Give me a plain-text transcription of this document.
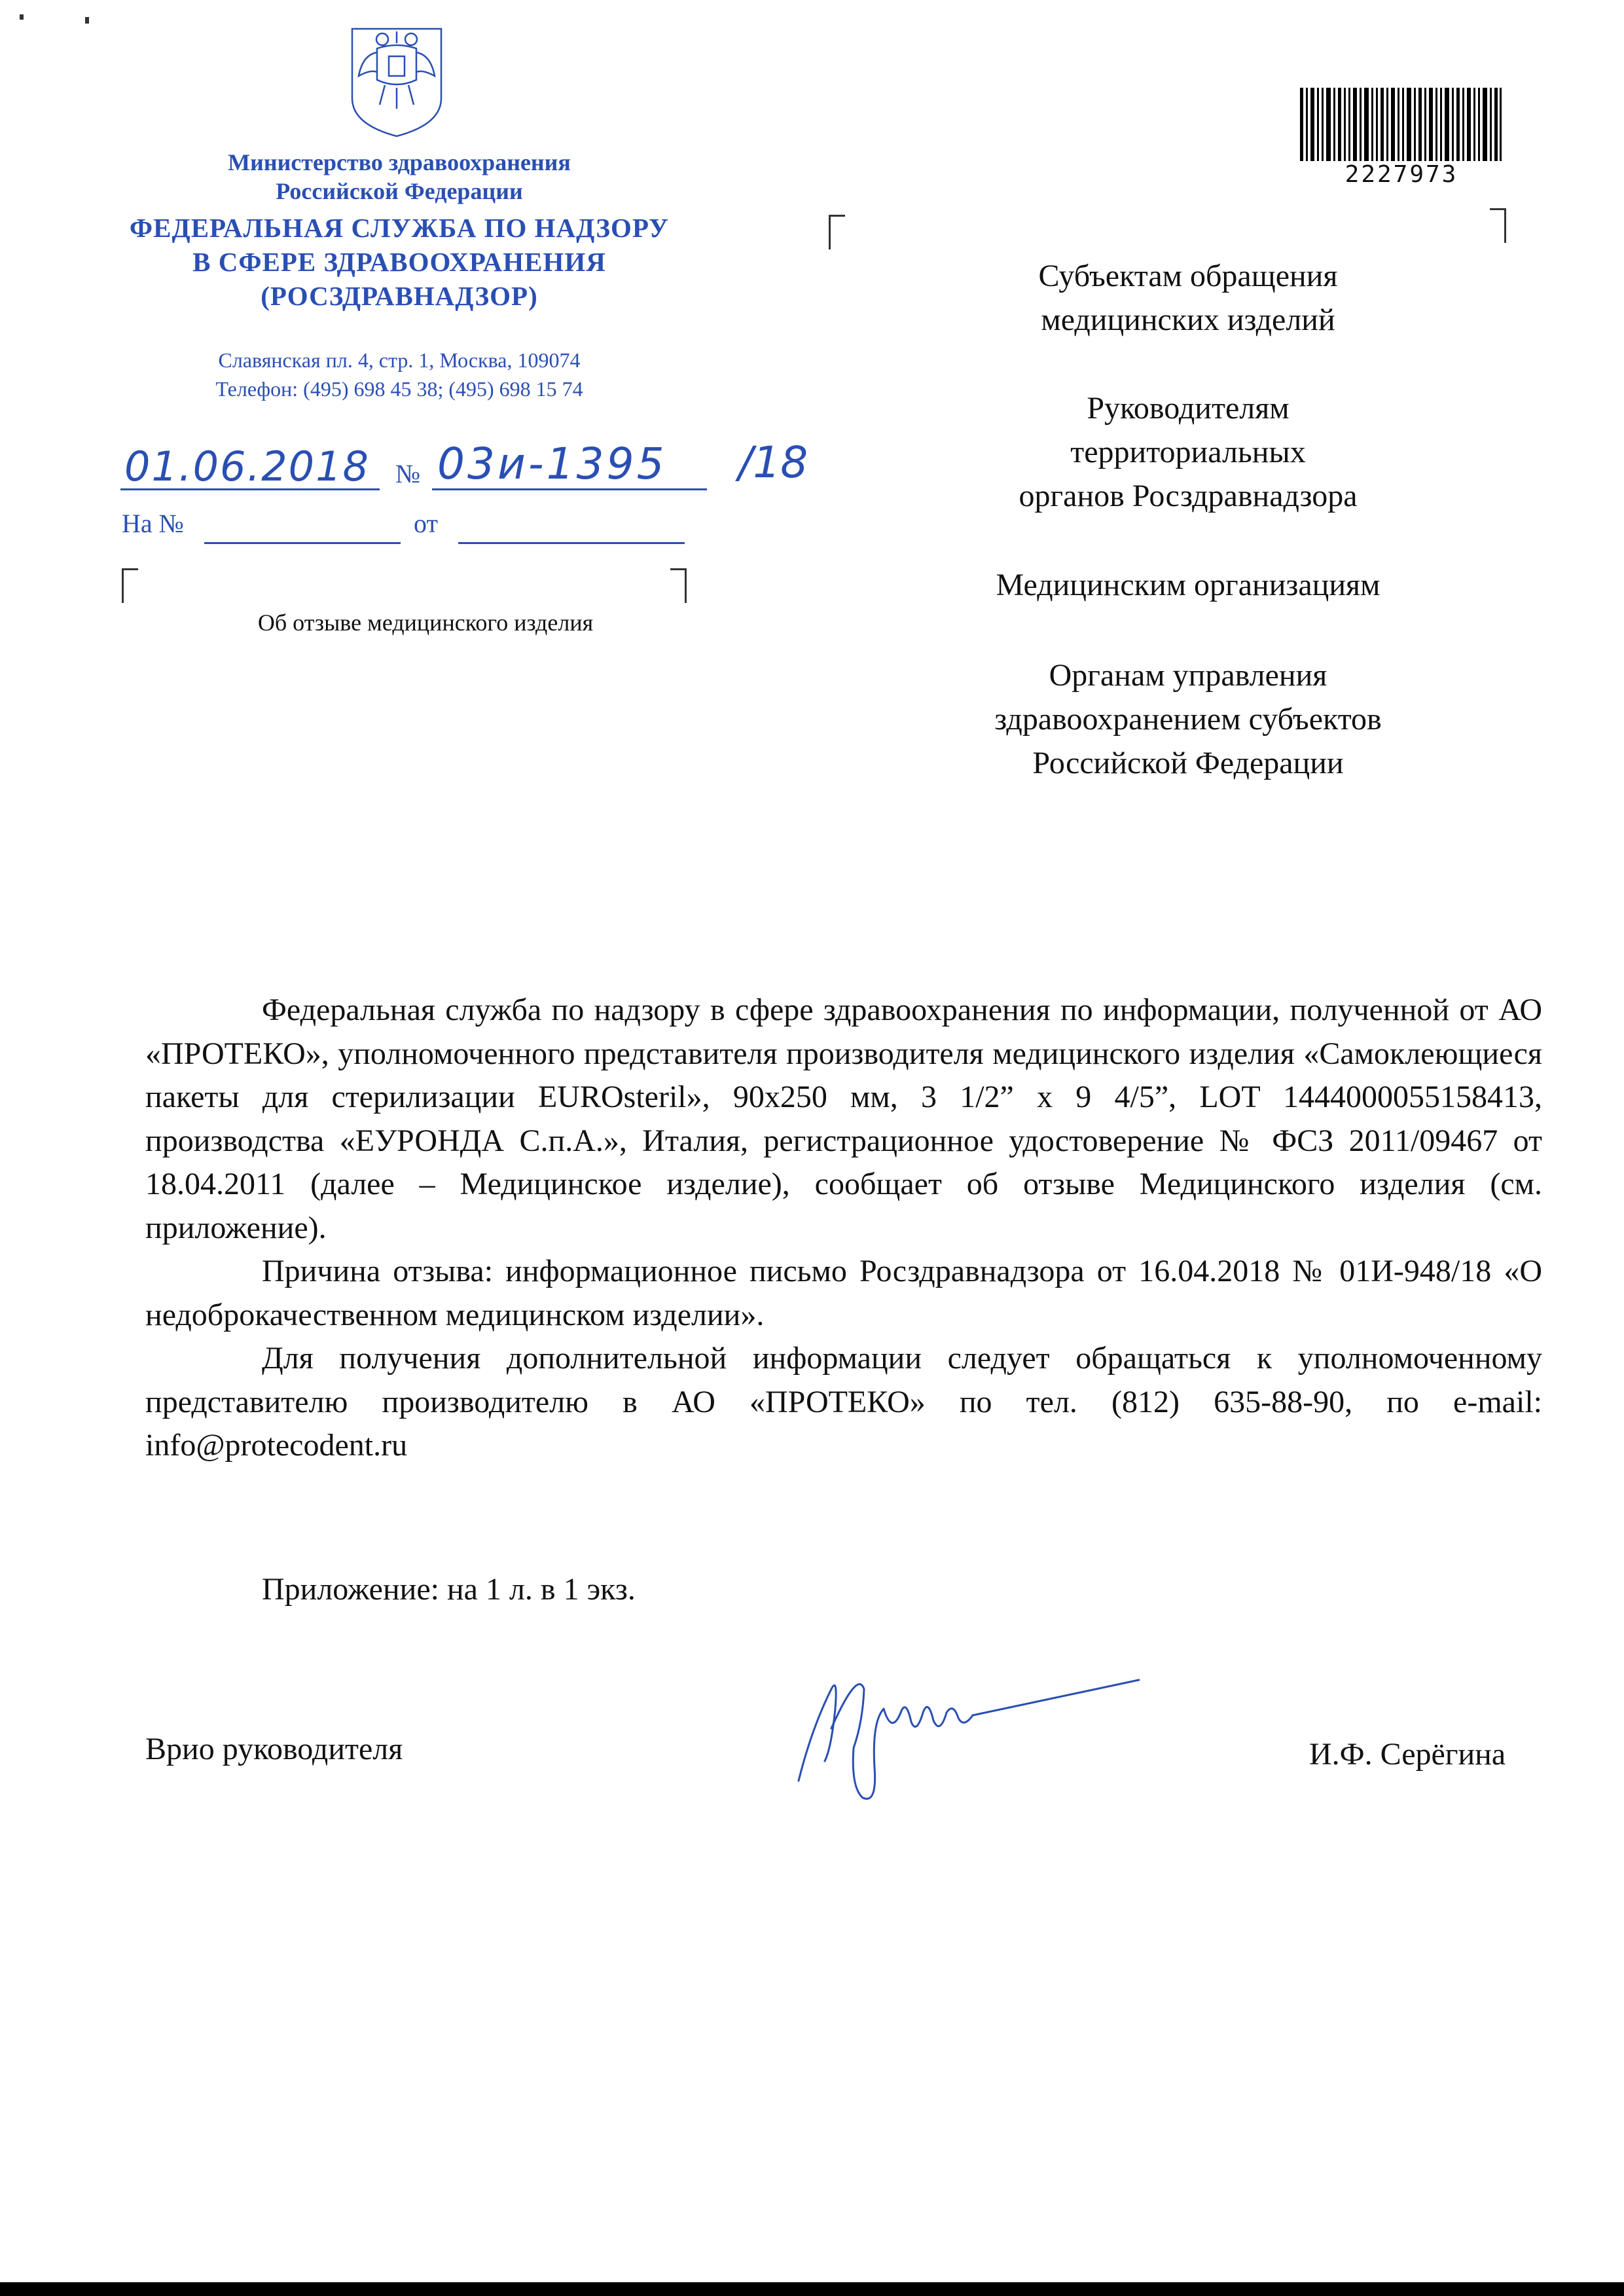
Министерство здравоохранения
Российской Федерации
ФЕДЕРАЛЬНАЯ СЛУЖБА ПО НАДЗОРУ
В СФЕРЕ ЗДРАВООХРАНЕНИЯ
(РОСЗДРАВНАДЗОР)
Славянская пл. 4, стр. 1, Москва, 109074
Телефон: (495) 698 45 38; (495) 698 15 74
01.06.2018 № 03и-1395 /18
На №	от
Об отзыве медицинского изделия
2227973
Субъектам обращения
медицинских изделий
Руководителям
территориальных
органов Росздравнадзора
Медицинским организациям
Органам управления
здравоохранением субъектов
Российской Федерации

Федеральная служба по надзору в сфере здравоохранения по информации, полученной от АО «ПРОТЕКО», уполномоченного представителя производителя медицинского изделия «Самоклеющиеся пакеты для стерилизации EUROsteril», 90x250 мм, 3 1/2” x 9 4/5”, LOT 1444000055158413, производства «ЕУРОНДА С.п.А.», Италия, регистрационное удостоверение № ФСЗ 2011/09467 от 18.04.2011 (далее – Медицинское изделие), сообщает об отзыве Медицинского изделия (см. приложение).

Причина отзыва: информационное письмо Росздравнадзора от 16.04.2018 № 01И-948/18 «О недоброкачественном медицинском изделии».

Для получения дополнительной информации следует обращаться к уполномоченному представителю производителю в АО «ПРОТЕКО» по тел. (812) 635-88-90, по e-mail: info@protecodent.ru

Приложение: на 1 л. в 1 экз.
Врио руководителя	И.Ф. Серёгина
